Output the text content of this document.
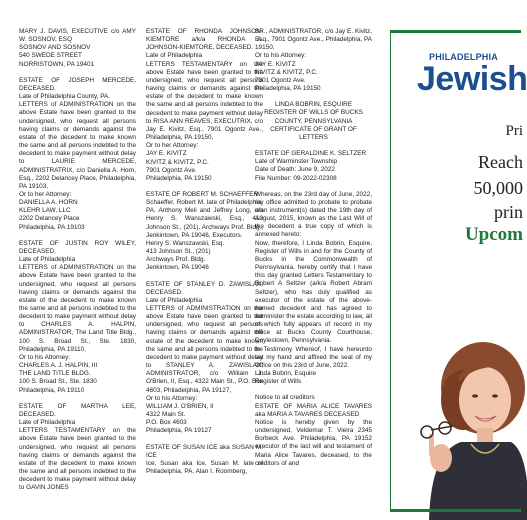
MARY J. DAVIS, EXECUTIVE c/o AMY W. SOSNOV, ESQ
SOSNOV AND SOSNOV
540 SWEDE STREET
NORRISTOWN, PA 19401

ESTATE OF JOSEPH MERCEDE, DECEASED.
Late of Philadelphia County, PA.
LETTERS of ADMINISTRATION on the above Estate have been granted to the undersigned, who request all persons having claims or demands against the estate of the decedent to make known the same and all persons indebted to the decedent to make payment without delay to LAURIE MERCEDE, ADMINISTRATRIX, c/o Daniella A. Horn, Esq., 2202 Delancey Place, Philadelphia, PA 19103,
Or to her Attorney:
DANIELLA A. HORN
KLEHR LAW, LLC
2202 Delancey Place
Philadelphia, PA 19103

ESTATE OF JUSTIN ROY WILEY, DECEASED.
Late of Philadelphia
LETTERS of ADMINISTRATION on the above Estate have been granted to the undersigned, who request all persons having claims or demands against the estate of the decedent to make known the same and all persons indebted to the decedent to make payment without delay to CHARLES A. HALPIN, ADMINISTRATOR, The Land Title Bldg., 100 S. Broad St., Ste. 1830, Philadelphia, PA 19110,
Or to his Attorney:
CHARLES A. J. HALPIN, III
THE LAND TITLE BLDG.
100 S. Broad St., Ste. 1830
Philadelphia, PA 19110

ESTATE OF MARTHA LEE, DECEASED.
Late of Philadelphia
LETTERS TESTAMENTARY on the above Estate have been granted to the undersigned, who request all persons having claims or demands against the estate of the decedent to make known the same and all persons indebted to the decedent to make payment without delay to GAVIN JONES

ESTATE OF RHONDA JOHNSON-KIEMTORE a/k/a RHONDA A. JOHNSON-KIEMTORE, DECEASED.
Late of Philadelphia
LETTERS TESTAMENTARY on the above Estate have been granted to the undersigned, who request all persons having claims or demands against the estate of the decedent to make known the same and all persons indebted to the decedent to make payment without delay to RISA ANN REAVES, EXECUTRIX, c/o Jay E. Kivitz, Esq., 7901 Ogontz Ave., Philadelphia, PA 19150,
Or to her Attorney:
JAY E. KIVITZ
KIVITZ & KIVITZ, P.C.
7901 Ogontz Ave.
Philadelphia, PA 19150

ESTATE OF ROBERT M. SCHAEFFER
Schaeffer, Robert M. late of Philadelphia, PA. Anthony Meli and Jeffrey Long, c/o Henry S. Wanszawski, Esq., 413 Johnson St., (201), Archways Prof. Bldg., Jenkintown, PA 19046, Executors.
Henry S. Wanszawski, Esq.
413 Johnson St., (201)
Archways Prof. Bldg.
Jenkintown, PA 19046

ESTATE OF STANLEY D. ZAWISLAK, DECEASED.
Late of Philadelphia
LETTERS of ADMINISTRATION on the above Estate have been granted to the undersigned, who request all persons having claims or demands against the estate of the decedent to make known the same and all persons indebted to the decedent to make payment without delay to STANLEY A. ZAWISLAK, ADMINISTRATOR, c/o William J. O'Brien, II, Esq., 4322 Main St., P.O. Box 4603, Philadelphia, PA 19127,
Or to his Attorney:
WILLIAM J. O'BRIEN, II
4322 Main St.
P.O. Box 4603
Philadelphia, PA 19127

ESTATE OF SUSAN ICE aka SUSAN M. ICE
Ice, Susan aka Ice, Susan M. late of Philadelphia, PA. Alan I. Roomberg,

SR., ADMINISTRATOR, c/o Jay E. Kivitz, Esq., 7901 Ogontz Ave., Philadelphia, PA 19150,
Or to his Attorney:
JAY E. KIVITZ
KIVITZ & KIVITZ, P.C.
7901 Ogontz Ave.
Philadelphia, PA 19150

LINDA BOBRIN, ESQUIRE
REGISTER OF WILLS OF BUCKS COUNTY, PENNSYLVANIA
CERTIFICATE OF GRANT OF LETTERS

ESTATE OF GERALDINE K. SELTZER
Late of Warminster Township
Date of Death: June 9, 2022
File Number: 09-2022-02308

Whereas, on the 23rd day of June, 2022, my office admitted to probate to probate a/an instrument(s) dated the 19th day of August, 2015, known as the Last Will of the decedent a true copy of which is annexed hereto:
Now, therefore, I Linda Bobrin, Esquire, Register of Wills in and for the County of Bucks in the Commonwealth of Pennsylvania, hereby certify that I have this day granted Letters Testamentary to Robert A Seltzer (a/k/a Robert Abram Seltzer), who has duly qualified as executor of the estate of the above-named decedent and has agreed to administer the estate according to law, all of which fully appears of record in my office at Bucks County Courthouse, Doylestown, Pennsylvania.
In Testimony Whereof, I have hereunto set my hand and affixed the seal of my Office on this 23rd of June, 2022.
Linda Bobrin, Esquire
Register of Wills

Notice to all creditors
ESTATE OF MARIA ALICE TAVARES aka MARIA A TAVARES DECEASED
Notice is hereby given by the undersigned, Veldemar T. Vieira 2345 Borbeck Ave. Philadelphia, PA 19152 executor of the last will and testament of Maria Alice Tavares, deceased, to the creditors of and

PHILADELPHIA
Jewish
Pri
Reach
50,000
prin
Upcom
